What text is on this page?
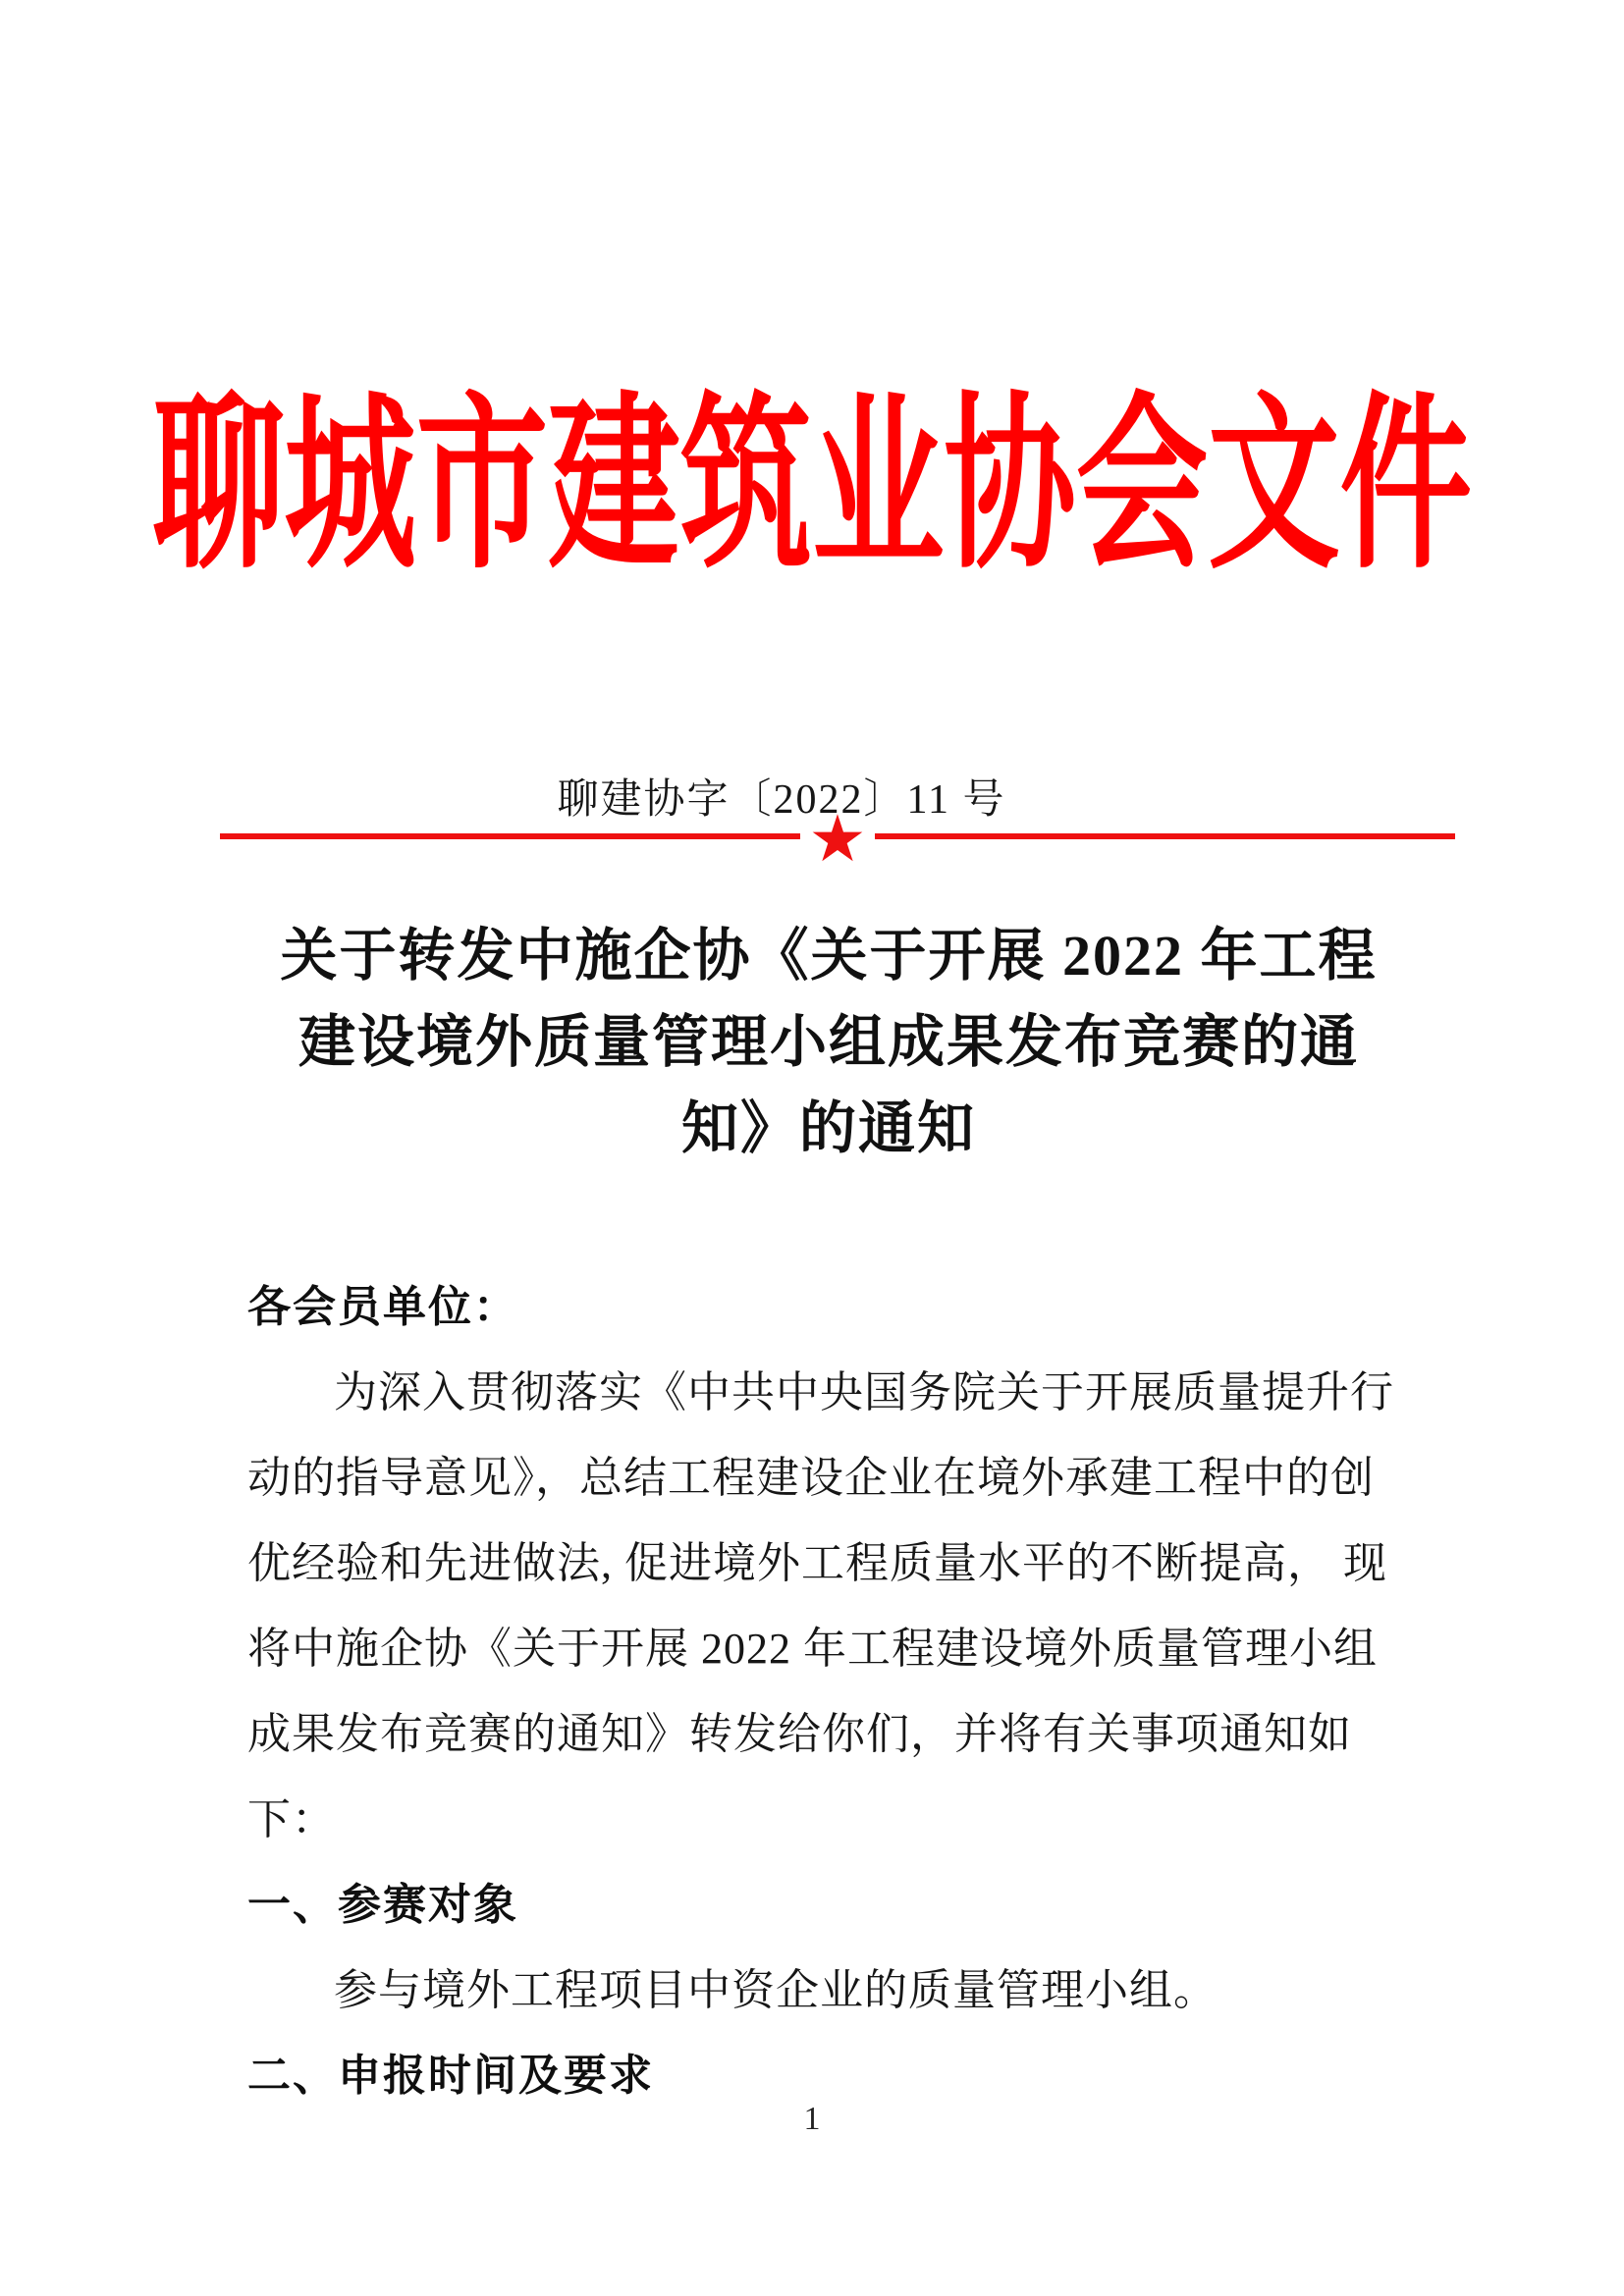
聊城市建筑业协会文件
聊建协字〔2022〕11 号
★
关于转发中施企协《关于开展 2022 年工程
建设境外质量管理小组成果发布竞赛的通
知》的通知
各会员单位：
为深入贯彻落实《中共中央国务院关于开展质量提升行
动的指导意见》，总结工程建设企业在境外承建工程中的创
优经验和先进做法, 促进境外工程质量水平的不断提高， 现
将中施企协《关于开展 2022 年工程建设境外质量管理小组
成果发布竞赛的通知》转发给你们，并将有关事项通知如下：
一、参赛对象
参与境外工程项目中资企业的质量管理小组。
二、申报时间及要求
1
